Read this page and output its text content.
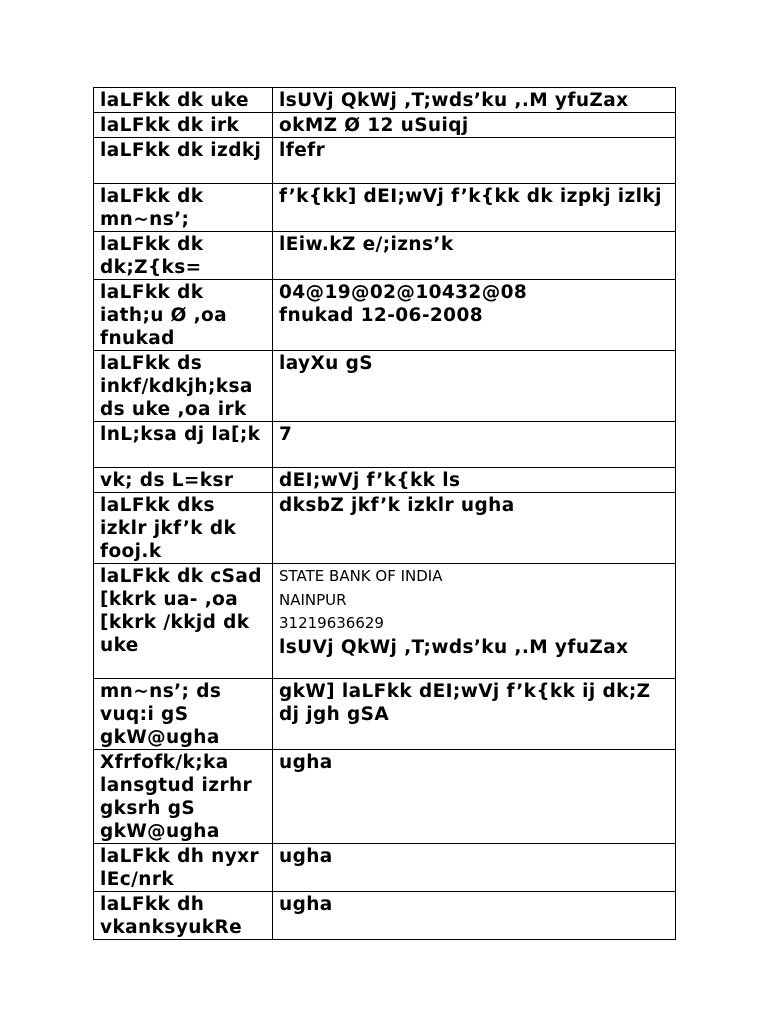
laLFkk dk uke	lsUVj QkWj ,T;wds’ku ,.M yfuZax
laLFkk dk irk	okMZ Ø 12 uSuiqj
laLFkk dk izdkj	lfefr
laLFkk dk mn~ns’;	f’k{kk] dEI;wVj f’k{kk dk izpkj izlkj
laLFkk dk dk;Z{ks=	lEiw.kZ e/;izns’k
laLFkk dk iath;u Ø ,oa fnukad	04@19@02@10432@08
fnukad 12-06-2008

laLFkk ds inkf/kdkjh;ksa ds uke ,oa irk	layXu gS
lnL;ksa dj la[;k	7
vk; ds L=ksr	dEI;wVj f’k{kk ls
laLFkk dks izklr jkf’k dk fooj.k	dksbZ jkf’k izklr ugha
laLFkk dk cSad [kkrk ua- ,oa [kkrk /kkjd dk uke	STATE BANK OF INDIA
NAINPUR
31219636629
lsUVj QkWj ,T;wds’ku ,.M yfuZax

mn~ns’; ds vuq:i gS gkW@ugha	gkW] laLFkk dEI;wVj f’k{kk ij dk;Z dj jgh gSA
Xfrfofk/k;ka lansgtud izrhr gksrh gS gkW@ugha	ugha
laLFkk dh nyxr lEc/nrk	ugha
laLFkk dh vkanksyukRe	ugha
